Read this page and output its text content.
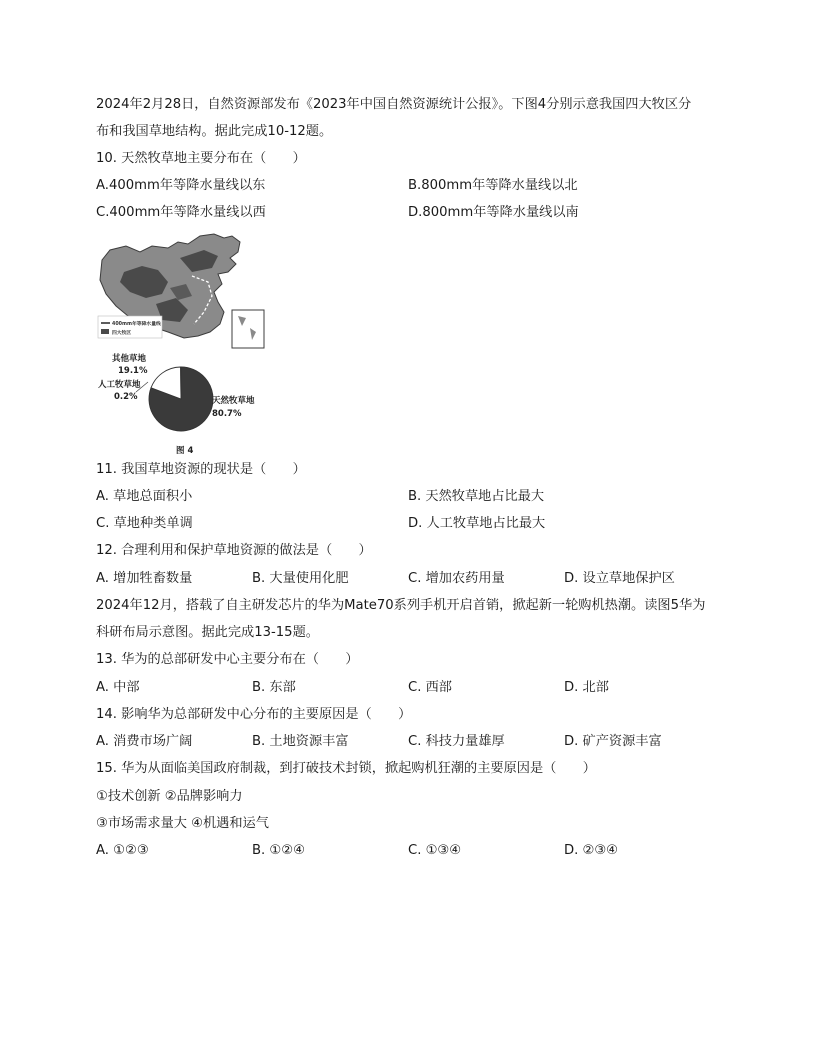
2024年2月28日，自然资源部发布《2023年中国自然资源统计公报》。下图4分别示意我国四大牧区分
布和我国草地结构。据此完成10-12题。
10. 天然牧草地主要分布在（　　）
A.400mm年等降水量线以东	B.800mm年等降水量线以北
C.400mm年等降水量线以西	D.800mm年等降水量线以南
400mm年等降水量线
四大牧区
其他草地
19.1%
人工牧草地
0.2%	天然牧草地
80.7%
图 4
11. 我国草地资源的现状是（　　）
A. 草地总面积小	B. 天然牧草地占比最大
C. 草地种类单调	D. 人工牧草地占比最大
12. 合理利用和保护草地资源的做法是（　　）
A. 增加牲畜数量	B. 大量使用化肥	C. 增加农药用量	D. 设立草地保护区
2024年12月，搭载了自主研发芯片的华为Mate70系列手机开启首销，掀起新一轮购机热潮。读图5华为
科研布局示意图。据此完成13-15题。
13. 华为的总部研发中心主要分布在（　　）
A. 中部	B. 东部	C. 西部	D. 北部
14. 影响华为总部研发中心分布的主要原因是（　　）
A. 消费市场广阔	B. 土地资源丰富	C. 科技力量雄厚	D. 矿产资源丰富
15. 华为从面临美国政府制裁，到打破技术封锁，掀起购机狂潮的主要原因是（　　）
①技术创新 ②品牌影响力
③市场需求量大 ④机遇和运气
A. ①②③	B. ①②④	C. ①③④	D. ②③④
